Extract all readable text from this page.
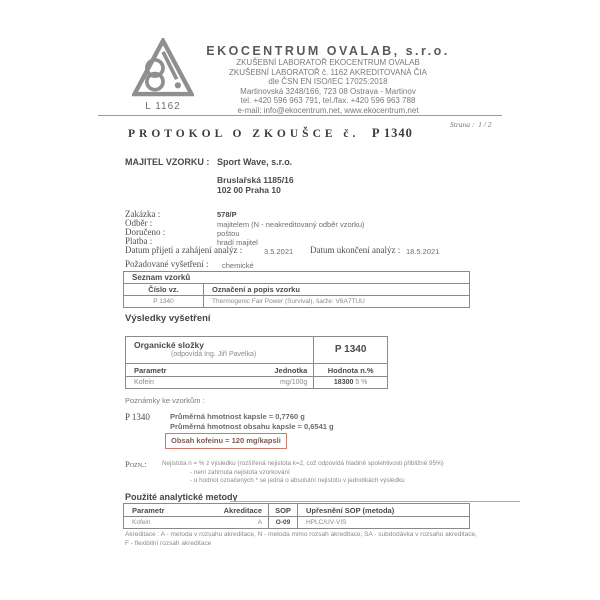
L 1162
EKOCENTRUM OVALAB, s.r.o.
ZKUŠEBNÍ LABORATOŘ EKOCENTRUM OVALAB
ZKUŠEBNÍ LABORATOŘ č. 1162 AKREDITOVANÁ ČIA
dle ČSN EN ISO/IEC 17025:2018
Martinovská 3248/166, 723 08 Ostrava - Martinov
tel. +420 596 963 791, tel./fax. +420 596 963 788
e-mail: info@ekocentrum.net, www.ekocentrum.net
PROTOKOL O ZKOUŠCE č. P 1340
Strana :  1 / 2
MAJITEL VZORKU : Sport Wave, s.r.o.
Bruslařská 1185/16
102 00 Praha 10
Zakázka :	578/P
Odběr :	majitelem (N - neakreditovaný odběr vzorku)
Doručeno :	poštou
Platba :	hradí majitel
Datum přijetí a zahájení analýz :	3.5.2021 Datum ukončení analýz : 18.5.2021
Požadované vyšetření : chemické
Seznam vzorků
Číslo vz.	Označení a popis vzorku
P 1340	Thermogenic Fair Power (Survival), šarže: V6A7TUU
Výsledky vyšetření
Organické složky
(odpovídá Ing. Jiří Pavelka)	P 1340
Parametr	Jednotka	Hodnota n.%
Kofein	mg/100g	18300 5 %
Poznámky ke vzorkům :
P 1340	Průměrná hmotnost kapsle = 0,7760 g
Průměrná hmotnost obsahu kapsle = 0,6541 g
Obsah kofeinu = 120 mg/kapsli
Pozn.: Nejistota n = % z výsledku (rozšířená nejistota k=2, což odpovídá hladině spolehlivosti přibližně 95%)
- není zahrnuta nejistota vzorkování
- u hodnot označených * se jedná o absolutní nejistotu v jednotkách výsledku
Použité analytické metody
Parametr	Akreditace	SOP	Upřesnění SOP (metoda)
Kofein	A	O-09	HPLC/UV-VIS
Akreditace : A - metoda v rozsahu akreditace, N - metoda mimo rozsah akreditace, SA - subdodávka v rozsahu akreditace,
F - flexibilní rozsah akreditace
